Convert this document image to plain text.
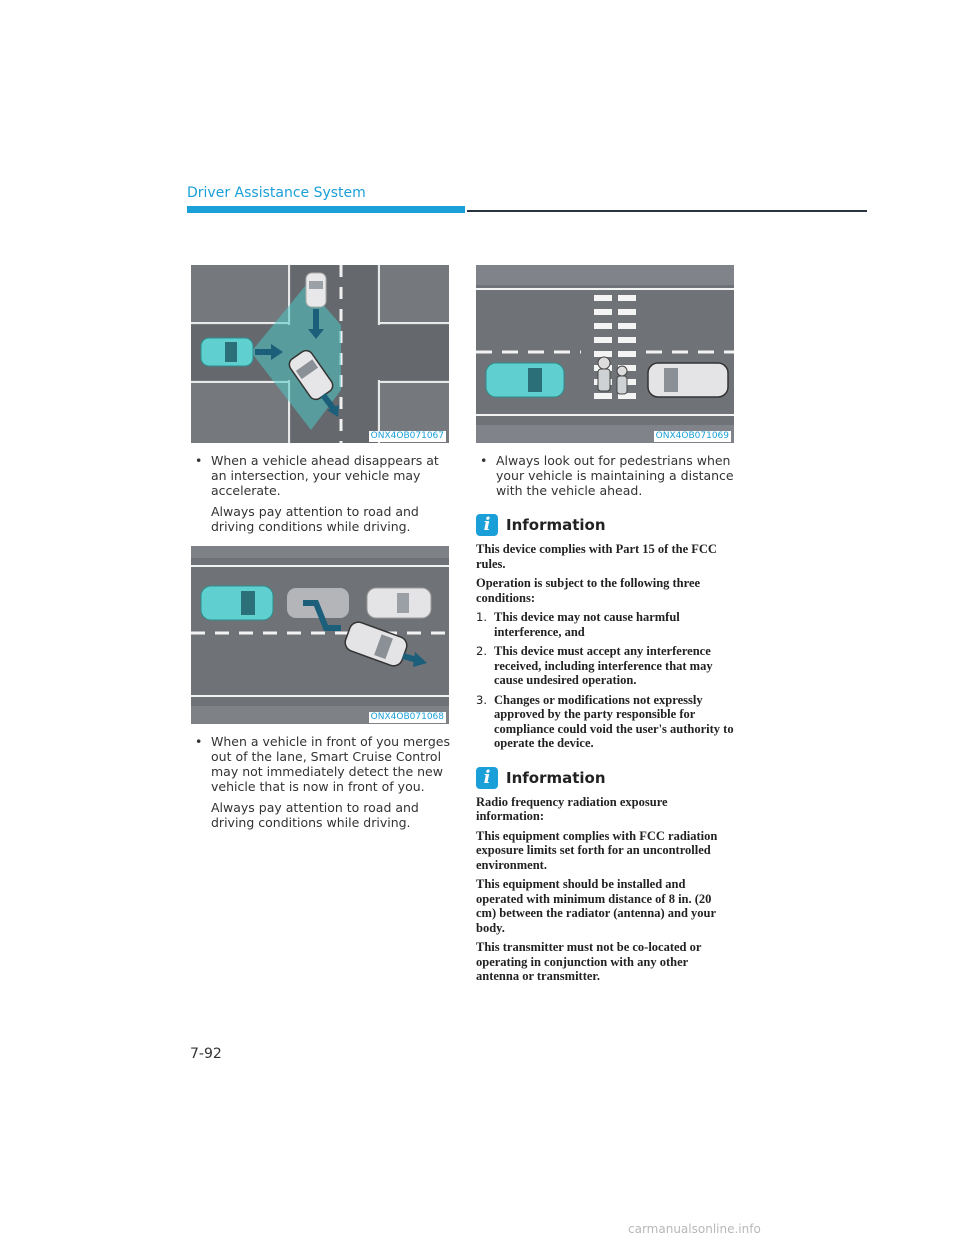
Driver Assistance System
ONX4OB071067
• When a vehicle ahead disappears at an intersection, your vehicle may accelerate.

Always pay attention to road and driving conditions while driving.

ONX4OB071068
• When a vehicle in front of you merges out of the lane, Smart Cruise Control may not immediately detect the new vehicle that is now in front of you.

Always pay attention to road and driving conditions while driving.

ONX4OB071069
• Always look out for pedestrians when your vehicle is maintaining a distance with the vehicle ahead.

i	Information

This device complies with Part 15 of the FCC rules.

Operation is subject to the following three conditions:

1. This device may not cause harmful interference, and
2. This device must accept any interference received, including interference that may cause undesired operation.
3. Changes or modifications not expressly approved by the party responsible for compliance could void the user's authority to operate the device.
i	Information

Radio frequency radiation exposure information:

This equipment complies with FCC radiation exposure limits set forth for an uncontrolled environment.

This equipment should be installed and operated with minimum distance of 8 in. (20 cm) between the radiator (antenna) and your body.

This transmitter must not be co-located or operating in conjunction with any other antenna or transmitter.

7-92
carmanualsonline.info
